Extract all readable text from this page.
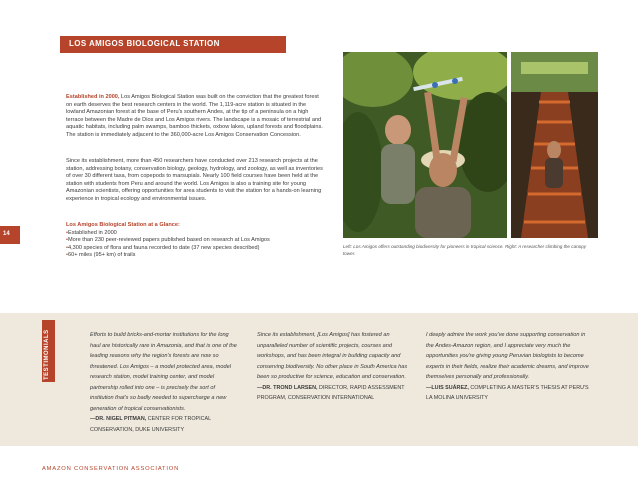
LOS AMIGOS BIOLOGICAL STATION

Established in 2000, Los Amigos Biological Station was built on the conviction that the greatest forest on earth deserves the best research centers in the world. The 1,119-acre station is situated in the lowland Amazonian forest at the base of Peru's southern Andes, at the tip of a peninsula on a high terrace between the Madre de Dios and Los Amigos rivers. The landscape is a mosaic of terrestrial and aquatic habitats, including palm swamps, bamboo thickets, oxbow lakes, upland forests and floodplains. The station is immediately adjacent to the 360,000-acre Los Amigos Conservation Concession.

Since its establishment, more than 450 researchers have conducted over 213 research projects at the station, addressing botany, conservation biology, geology, hydrology, and zoology, as well as inventories of over 30 different taxa, from copepods to marsupials. Nearly 100 field courses have been held at the station with students from Peru and around the world. Los Amigos is also a training site for young Amazonian scientists, offering opportunities for area students to visit the station for a hands-on learning experience in tropical ecology and environmental issues.

Los Amigos Biological Station at a Glance:
• Established in 2000
• More than 230 peer-reviewed papers published based on research at Los Amigos
• 4,300 species of flora and fauna recorded to date (37 new species described)
• 60+ miles (95+ km) of trails
14

Left: Los Amigos offers outstanding biodiversity for pioneers in tropical science. Right: A researcher climbing the canopy tower.

TESTIMONIALS	Efforts to build bricks-and-mortar institutions for the long haul are historically rare in Amazonia, and that is one of the leading reasons why the region's forests are now so threatened. Los Amigos – a model protected area, model research station, model training center, and model partnership rolled into one – is precisely the sort of institution that's so badly needed to supercharge a new generation of tropical conservationists.
—DR. NIGEL PITMAN, CENTER FOR TROPICAL CONSERVATION, DUKE UNIVERSITY

Since its establishment, [Los Amigos] has fostered an unparalleled number of scientific projects, courses and workshops, and has been integral in building capacity and conserving biodiversity. No other place in South America has been so productive for science, education and conservation.
—DR. TROND LARSEN, DIRECTOR, RAPID ASSESSMENT PROGRAM, CONSERVATION INTERNATIONAL

I deeply admire the work you've done supporting conservation in the Andes-Amazon region, and I appreciate very much the opportunities you're giving young Peruvian biologists to become experts in their fields, realize their academic dreams, and improve themselves personally and professionally.
—LUIS SUÁREZ, COMPLETING A MASTER'S THESIS AT PERU'S LA MOLINA UNIVERSITY

AMAZON CONSERVATION ASSOCIATION
